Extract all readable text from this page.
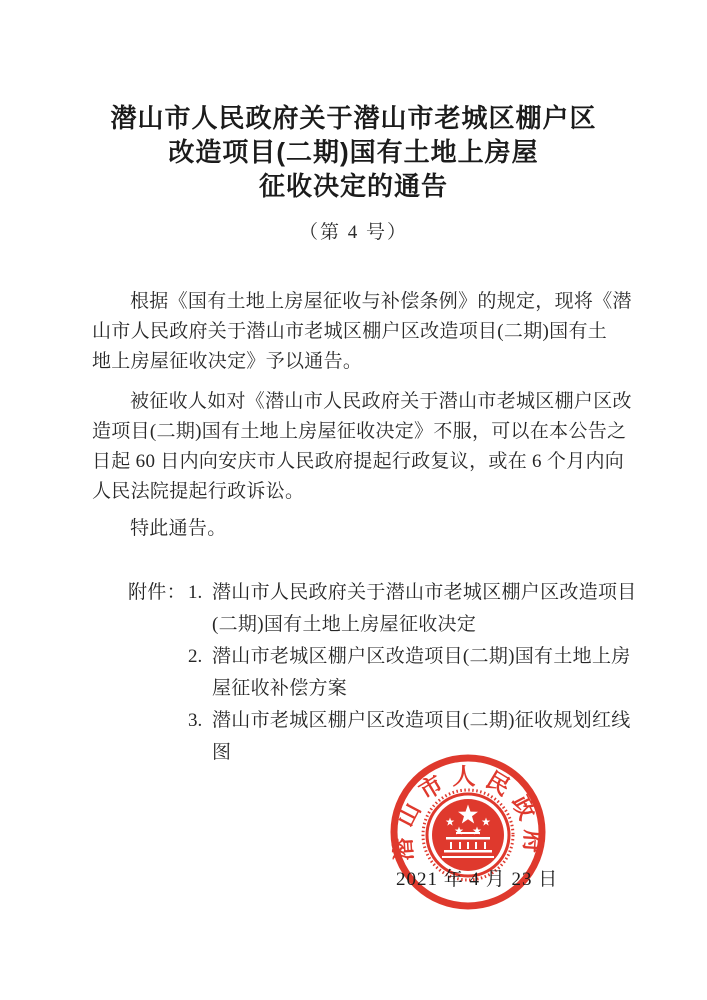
潜山市人民政府关于潜山市老城区棚户区
改造项目(二期)国有土地上房屋
征收决定的通告
（第 4 号）
根据《国有土地上房屋征收与补偿条例》的规定，现将《潜
山市人民政府关于潜山市老城区棚户区改造项目(二期)国有土
地上房屋征收决定》予以通告。
被征收人如对《潜山市人民政府关于潜山市老城区棚户区改
造项目(二期)国有土地上房屋征收决定》不服，可以在本公告之
日起 60 日内向安庆市人民政府提起行政复议，或在 6 个月内向
人民法院提起行政诉讼。
特此通告。
附件： 1. 潜山市人民政府关于潜山市老城区棚户区改造项目
(二期)国有土地上房屋征收决定
2. 潜山市老城区棚户区改造项目(二期)国有土地上房
屋征收补偿方案
3. 潜山市老城区棚户区改造项目(二期)征收规划红线
图
潜山市人民政府
2021 年 4 月 23 日
